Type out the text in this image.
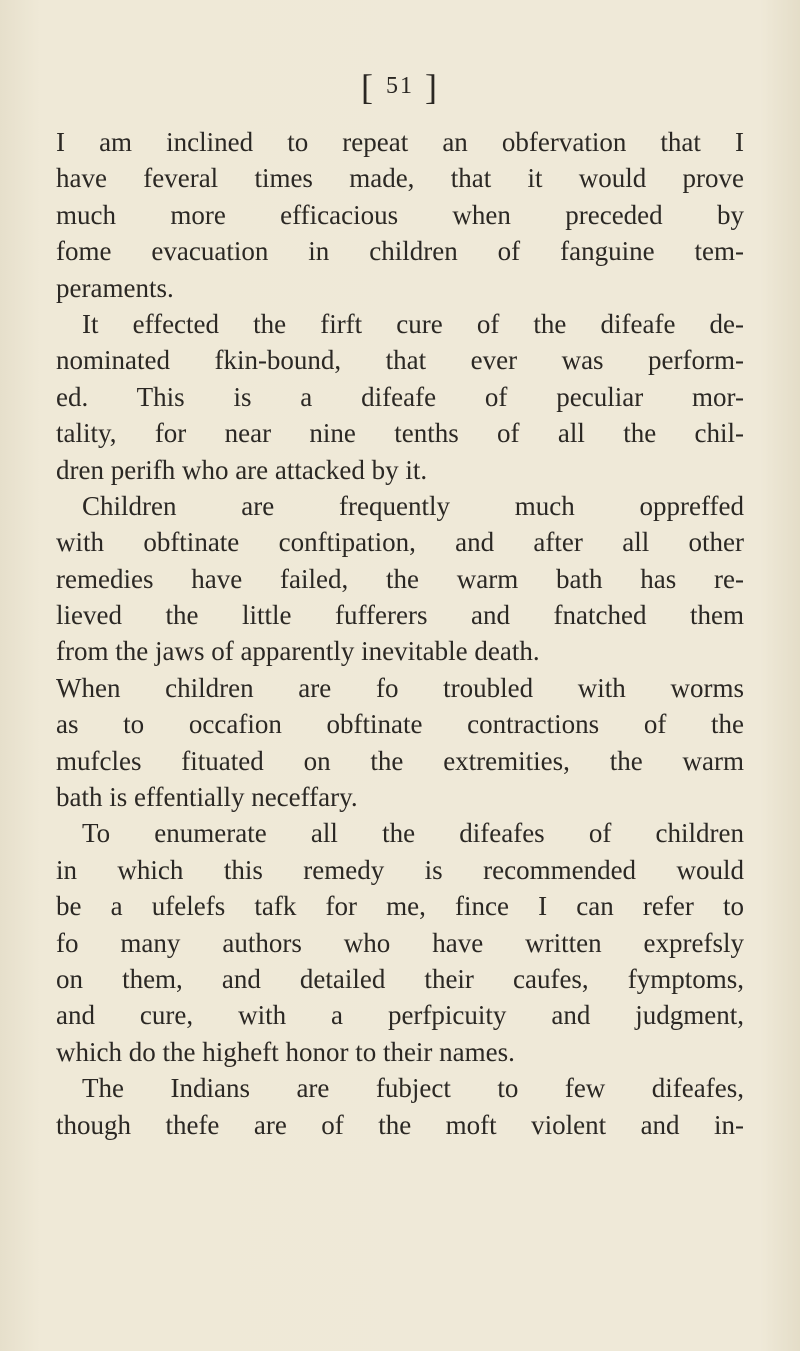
[ 51 ]
I am inclined to repeat an obfervation that I
have feveral times made, that it would prove
much more efficacious when preceded by
fome evacuation in children of fanguine tem-
peraments.
It effected the firft cure of the difeafe de-
nominated fkin-bound, that ever was perform-
ed. This is a difeafe of peculiar mor-
tality, for near nine tenths of all the chil-
dren perifh who are attacked by it.
Children are frequently much oppreffed
with obftinate conftipation, and after all other
remedies have failed, the warm bath has re-
lieved the little fufferers and fnatched them
from the jaws of apparently inevitable death.
When children are fo troubled with worms
as to occafion obftinate contractions of the
mufcles fituated on the extremities, the warm
bath is effentially neceffary.
To enumerate all the difeafes of children
in which this remedy is recommended would
be a ufelefs tafk for me, fince I can refer to
fo many authors who have written exprefsly
on them, and detailed their caufes, fymptoms,
and cure, with a perfpicuity and judgment,
which do the higheft honor to their names.
The Indians are fubject to few difeafes,
though thefe are of the moft violent and in-
